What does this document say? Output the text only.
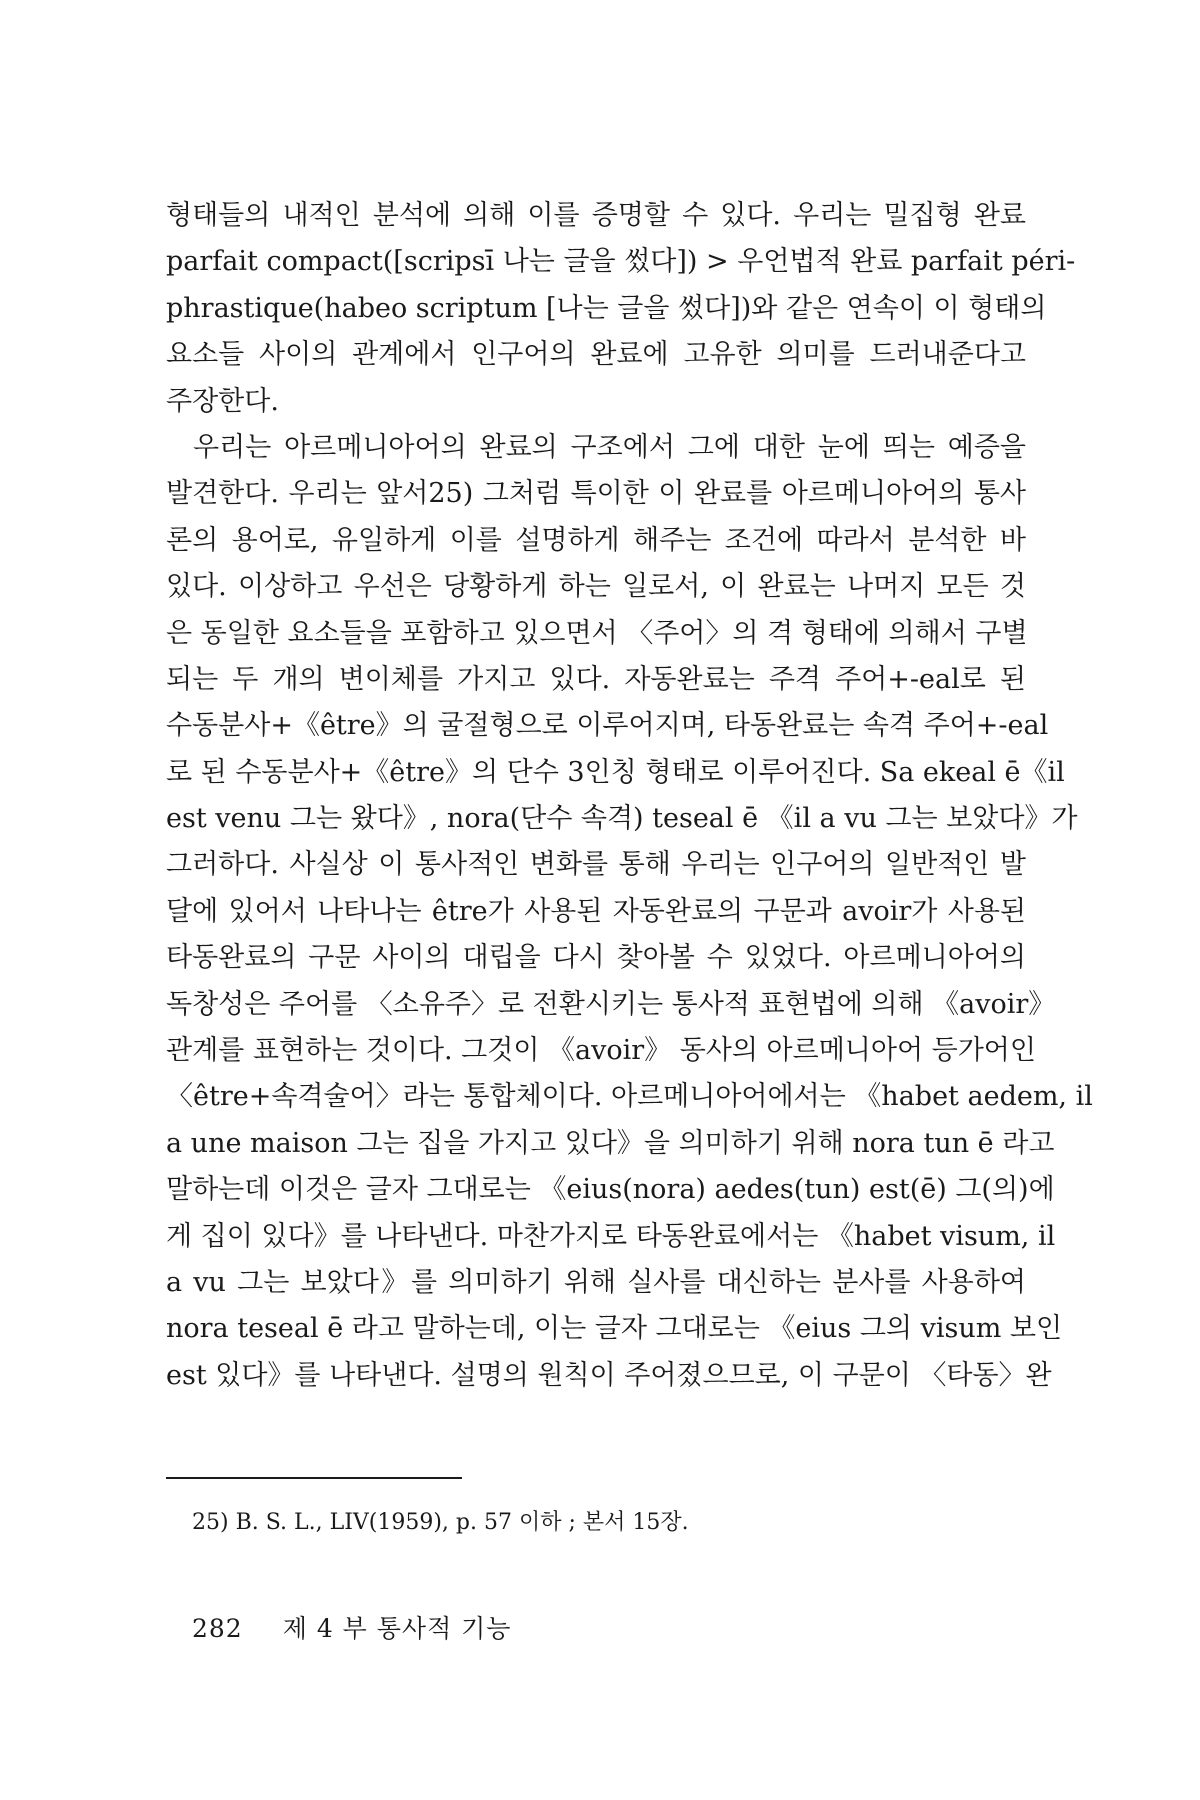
형태들의 내적인 분석에 의해 이를 증명할 수 있다. 우리는 밀집형 완료
parfait compact([scripsī 나는 글을 썼다]) > 우언법적 완료 parfait péri-
phrastique(habeo scriptum [나는 글을 썼다])와 같은 연속이 이 형태의
요소들 사이의 관계에서 인구어의 완료에 고유한 의미를 드러내준다고
주장한다.
우리는 아르메니아어의 완료의 구조에서 그에 대한 눈에 띄는 예증을
발견한다. 우리는 앞서25) 그처럼 특이한 이 완료를 아르메니아어의 통사
론의 용어로, 유일하게 이를 설명하게 해주는 조건에 따라서 분석한 바
있다. 이상하고 우선은 당황하게 하는 일로서, 이 완료는 나머지 모든 것
은 동일한 요소들을 포함하고 있으면서 〈주어〉의 격 형태에 의해서 구별
되는 두 개의 변이체를 가지고 있다. 자동완료는 주격 주어+-eal로 된
수동분사+《être》의 굴절형으로 이루어지며, 타동완료는 속격 주어+-eal
로 된 수동분사+《être》의 단수 3인칭 형태로 이루어진다. Sa ekeal ē《il
est venu 그는 왔다》, nora(단수 속격) teseal ē 《il a vu 그는 보았다》가
그러하다. 사실상 이 통사적인 변화를 통해 우리는 인구어의 일반적인 발
달에 있어서 나타나는 être가 사용된 자동완료의 구문과 avoir가 사용된
타동완료의 구문 사이의 대립을 다시 찾아볼 수 있었다. 아르메니아어의
독창성은 주어를 〈소유주〉로 전환시키는 통사적 표현법에 의해 《avoir》
관계를 표현하는 것이다. 그것이 《avoir》 동사의 아르메니아어 등가어인
〈être+속격술어〉라는 통합체이다. 아르메니아어에서는 《habet aedem, il
a une maison 그는 집을 가지고 있다》을 의미하기 위해 nora tun ē 라고
말하는데 이것은 글자 그대로는 《eius(nora) aedes(tun) est(ē) 그(의)에
게 집이 있다》를 나타낸다. 마찬가지로 타동완료에서는 《habet visum, il
a vu 그는 보았다》를 의미하기 위해 실사를 대신하는 분사를 사용하여
nora teseal ē 라고 말하는데, 이는 글자 그대로는 《eius 그의 visum 보인
est 있다》를 나타낸다. 설명의 원칙이 주어졌으므로, 이 구문이 〈타동〉완
25) B. S. L., LIV(1959), p. 57 이하 ; 본서 15장.
282 제 4 부 통사적 기능
